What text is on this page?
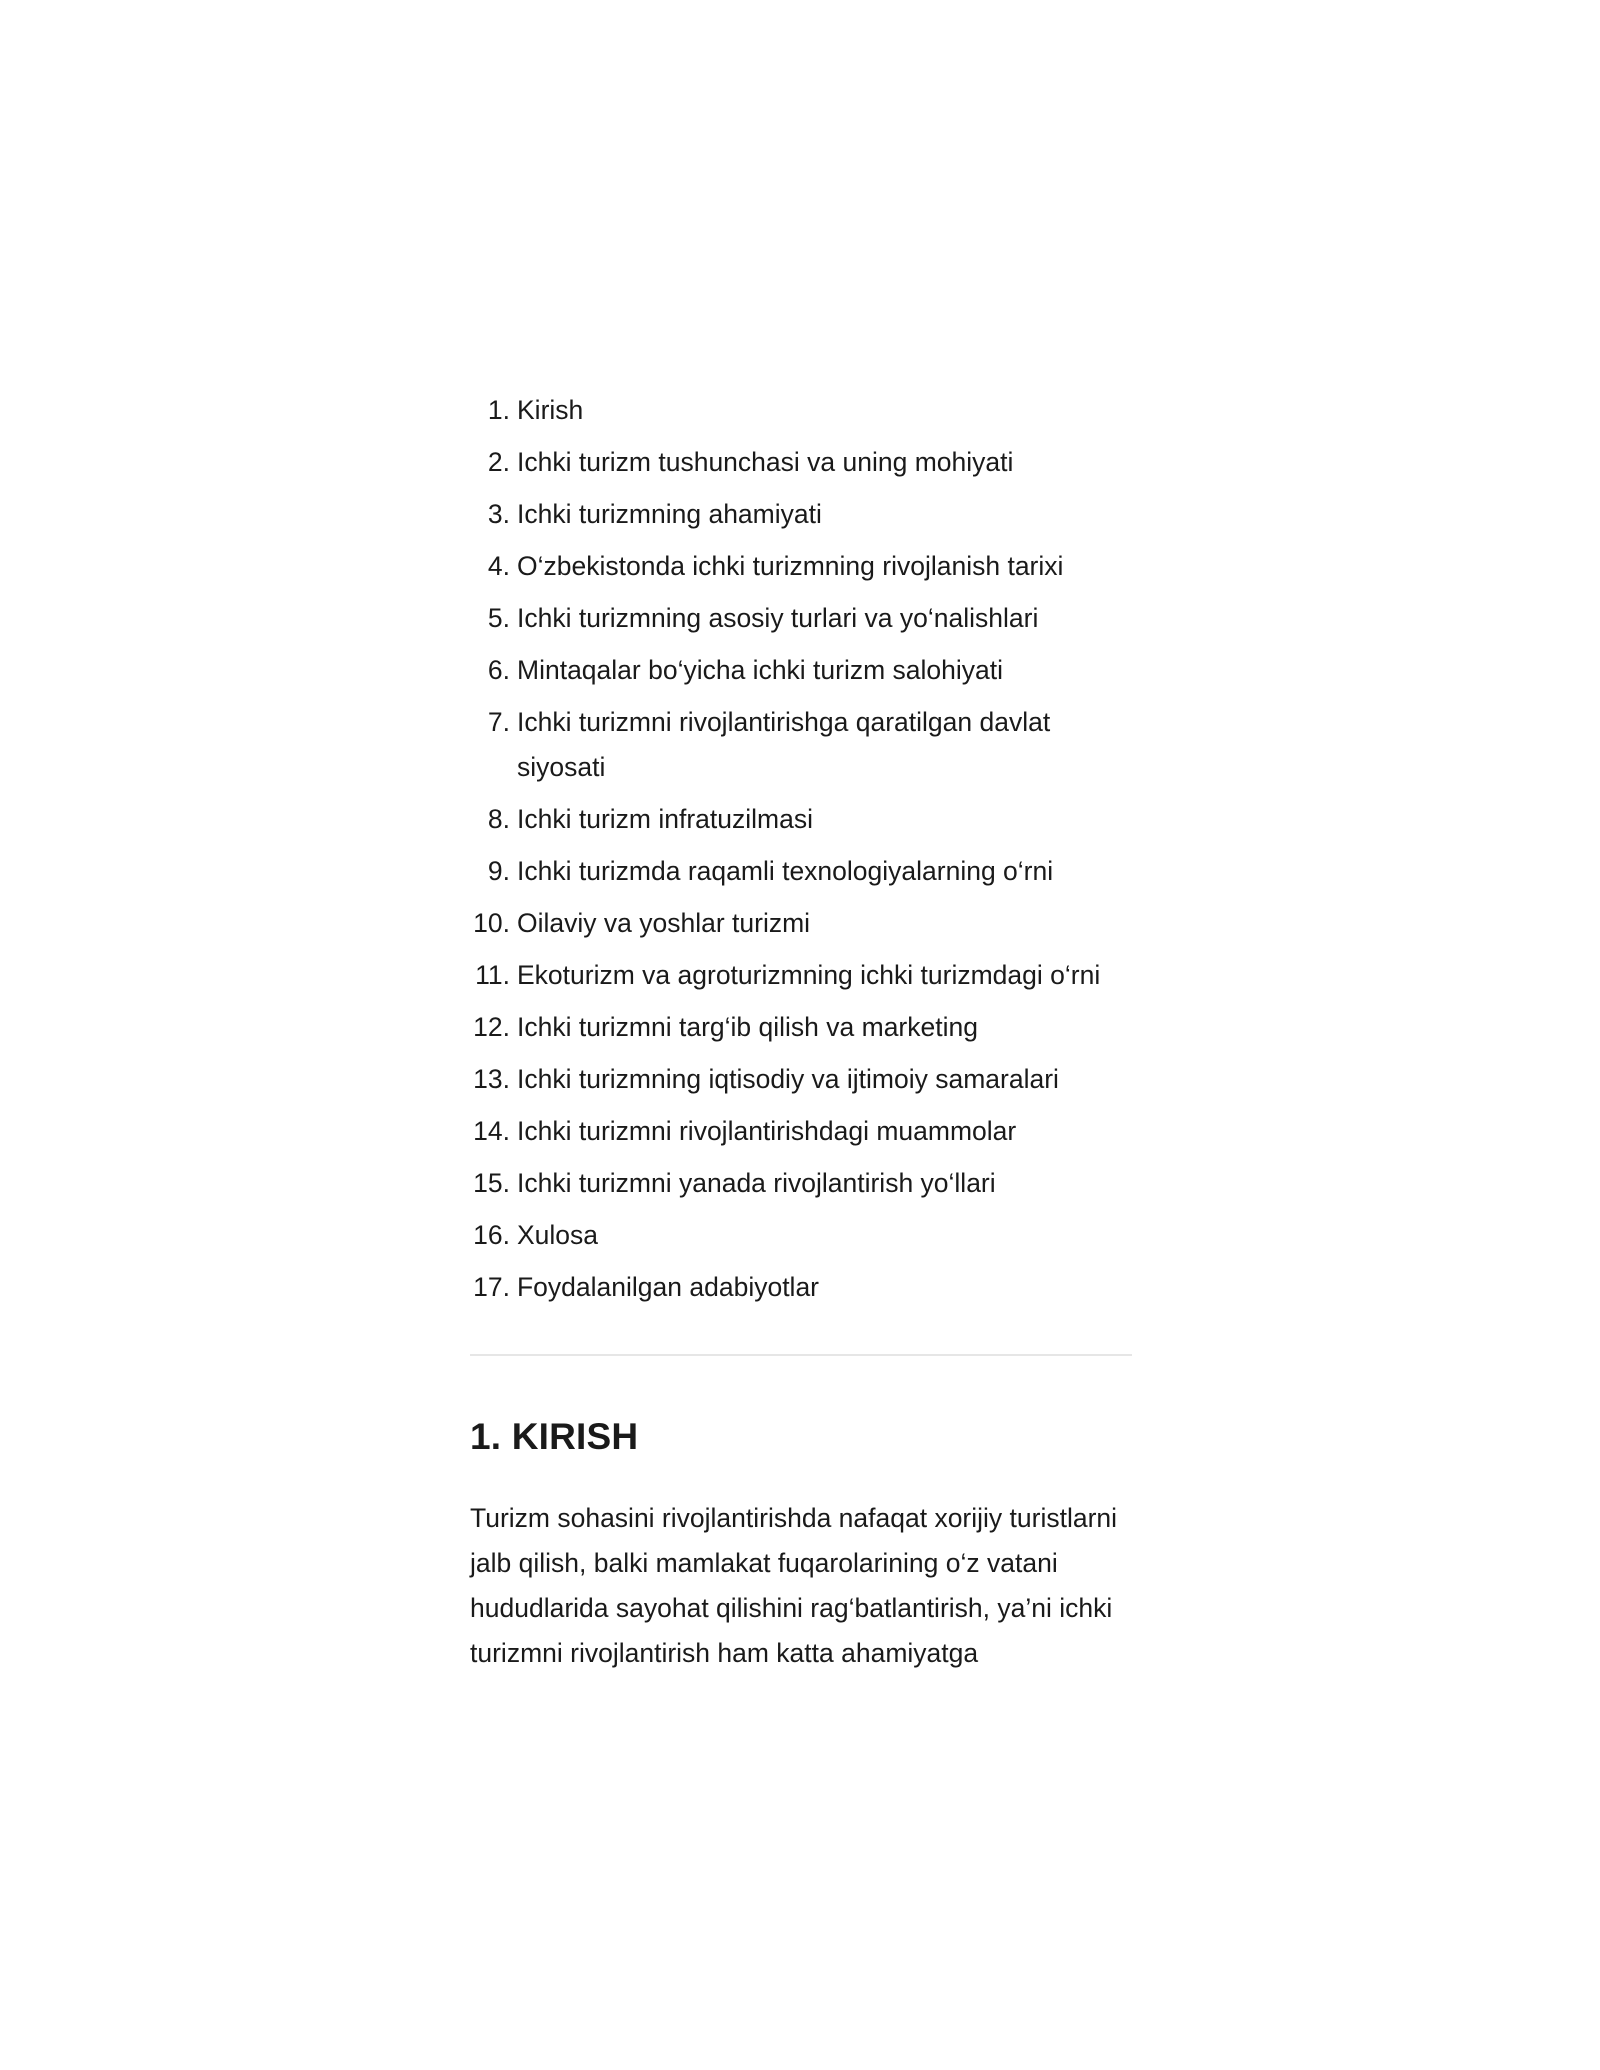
1. Kirish
2. Ichki turizm tushunchasi va uning mohiyati
3. Ichki turizmning ahamiyati
4. O‘zbekistonda ichki turizmning rivojlanish tarixi
5. Ichki turizmning asosiy turlari va yo‘nalishlari
6. Mintaqalar bo‘yicha ichki turizm salohiyati
7. Ichki turizmni rivojlantirishga qaratilgan davlat siyosati
8. Ichki turizm infratuzilmasi
9. Ichki turizmda raqamli texnologiyalarning o‘rni
10. Oilaviy va yoshlar turizmi
11. Ekoturizm va agroturizmning ichki turizmdagi o‘rni
12. Ichki turizmni targ‘ib qilish va marketing
13. Ichki turizmning iqtisodiy va ijtimoiy samaralari
14. Ichki turizmni rivojlantirishdagi muammolar
15. Ichki turizmni yanada rivojlantirish yo‘llari
16. Xulosa
17. Foydalanilgan adabiyotlar
1. KIRISH

Turizm sohasini rivojlantirishda nafaqat xorijiy turistlarni jalb qilish, balki mamlakat fuqarolarining o‘z vatani hududlarida sayohat qilishini rag‘batlantirish, ya’ni ichki turizmni rivojlantirish ham katta ahamiyatga
